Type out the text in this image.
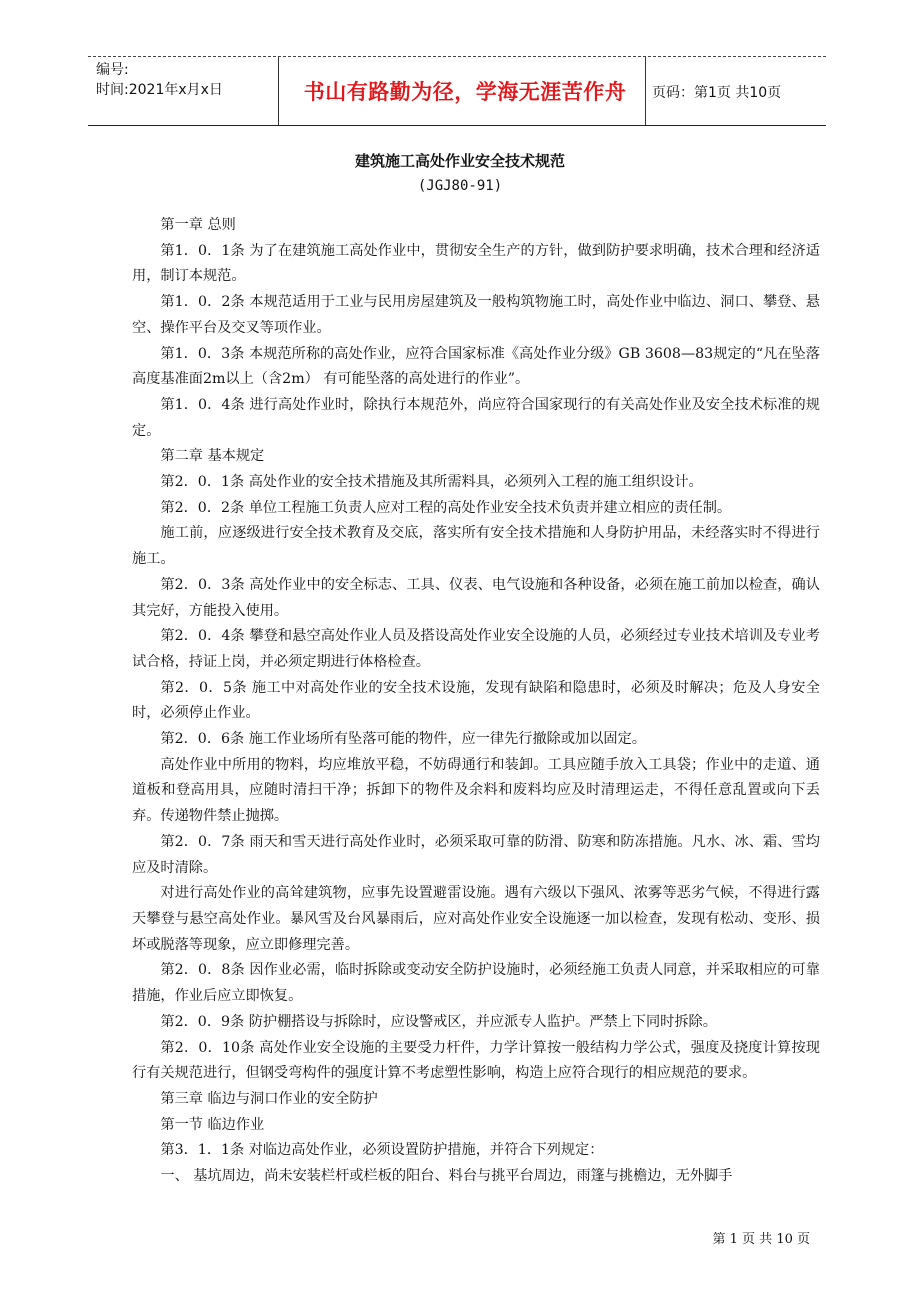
编号:
时间:2021年x月x日	书山有路勤为径，学海无涯苦作舟	页码：第1页 共10页
建筑施工高处作业安全技术规范
(JGJ80-91)

第一章 总则

第1．0．1条 为了在建筑施工高处作业中，贯彻安全生产的方针，做到防护要求明确，技术合理和经济适用，制订本规范。

第1．0．2条 本规范适用于工业与民用房屋建筑及一般构筑物施工时，高处作业中临边、洞口、攀登、悬空、操作平台及交叉等项作业。

第1．0．3条 本规范所称的高处作业，应符合国家标准《高处作业分级》GB 3608—83规定的“凡在坠落高度基准面2m以上（含2m） 有可能坠落的高处进行的作业”。

第1．0．4条 进行高处作业时，除执行本规范外，尚应符合国家现行的有关高处作业及安全技术标准的规定。

第二章 基本规定

第2．0．1条 高处作业的安全技术措施及其所需料具，必须列入工程的施工组织设计。

第2．0．2条 单位工程施工负责人应对工程的高处作业安全技术负责并建立相应的责任制。

施工前，应逐级进行安全技术教育及交底，落实所有安全技术措施和人身防护用品，未经落实时不得进行施工。

第2．0．3条 高处作业中的安全标志、工具、仪表、电气设施和各种设备，必须在施工前加以检查，确认其完好，方能投入使用。

第2．0．4条 攀登和悬空高处作业人员及搭设高处作业安全设施的人员，必须经过专业技术培训及专业考试合格，持证上岗，并必须定期进行体格检查。

第2．0．5条 施工中对高处作业的安全技术设施，发现有缺陷和隐患时，必须及时解决；危及人身安全时，必须停止作业。

第2．0．6条 施工作业场所有坠落可能的物件，应一律先行撤除或加以固定。

高处作业中所用的物料，均应堆放平稳，不妨碍通行和装卸。工具应随手放入工具袋；作业中的走道、通道板和登高用具，应随时清扫干净；拆卸下的物件及余料和废料均应及时清理运走，不得任意乱置或向下丢弃。传递物件禁止抛掷。

第2．0．7条 雨天和雪天进行高处作业时，必须采取可靠的防滑、防寒和防冻措施。凡水、冰、霜、雪均应及时清除。

对进行高处作业的高耸建筑物，应事先设置避雷设施。遇有六级以下强风、浓雾等恶劣气候，不得进行露天攀登与悬空高处作业。暴风雪及台风暴雨后，应对高处作业安全设施逐一加以检查，发现有松动、变形、损坏或脱落等现象，应立即修理完善。

第2．0．8条 因作业必需，临时拆除或变动安全防护设施时，必须经施工负责人同意，并采取相应的可靠措施，作业后应立即恢复。

第2．0．9条 防护棚搭设与拆除时，应设警戒区，并应派专人监护。严禁上下同时拆除。

第2．0．10条 高处作业安全设施的主要受力杆件，力学计算按一般结构力学公式，强度及挠度计算按现行有关规范进行，但钢受弯构件的强度计算不考虑塑性影响，构造上应符合现行的相应规范的要求。

第三章 临边与洞口作业的安全防护

第一节 临边作业

第3．1．1条 对临边高处作业，必须设置防护措施，并符合下列规定：

一、 基坑周边，尚未安装栏杆或栏板的阳台、料台与挑平台周边，雨篷与挑檐边，无外脚手

第 1 页 共 10 页
